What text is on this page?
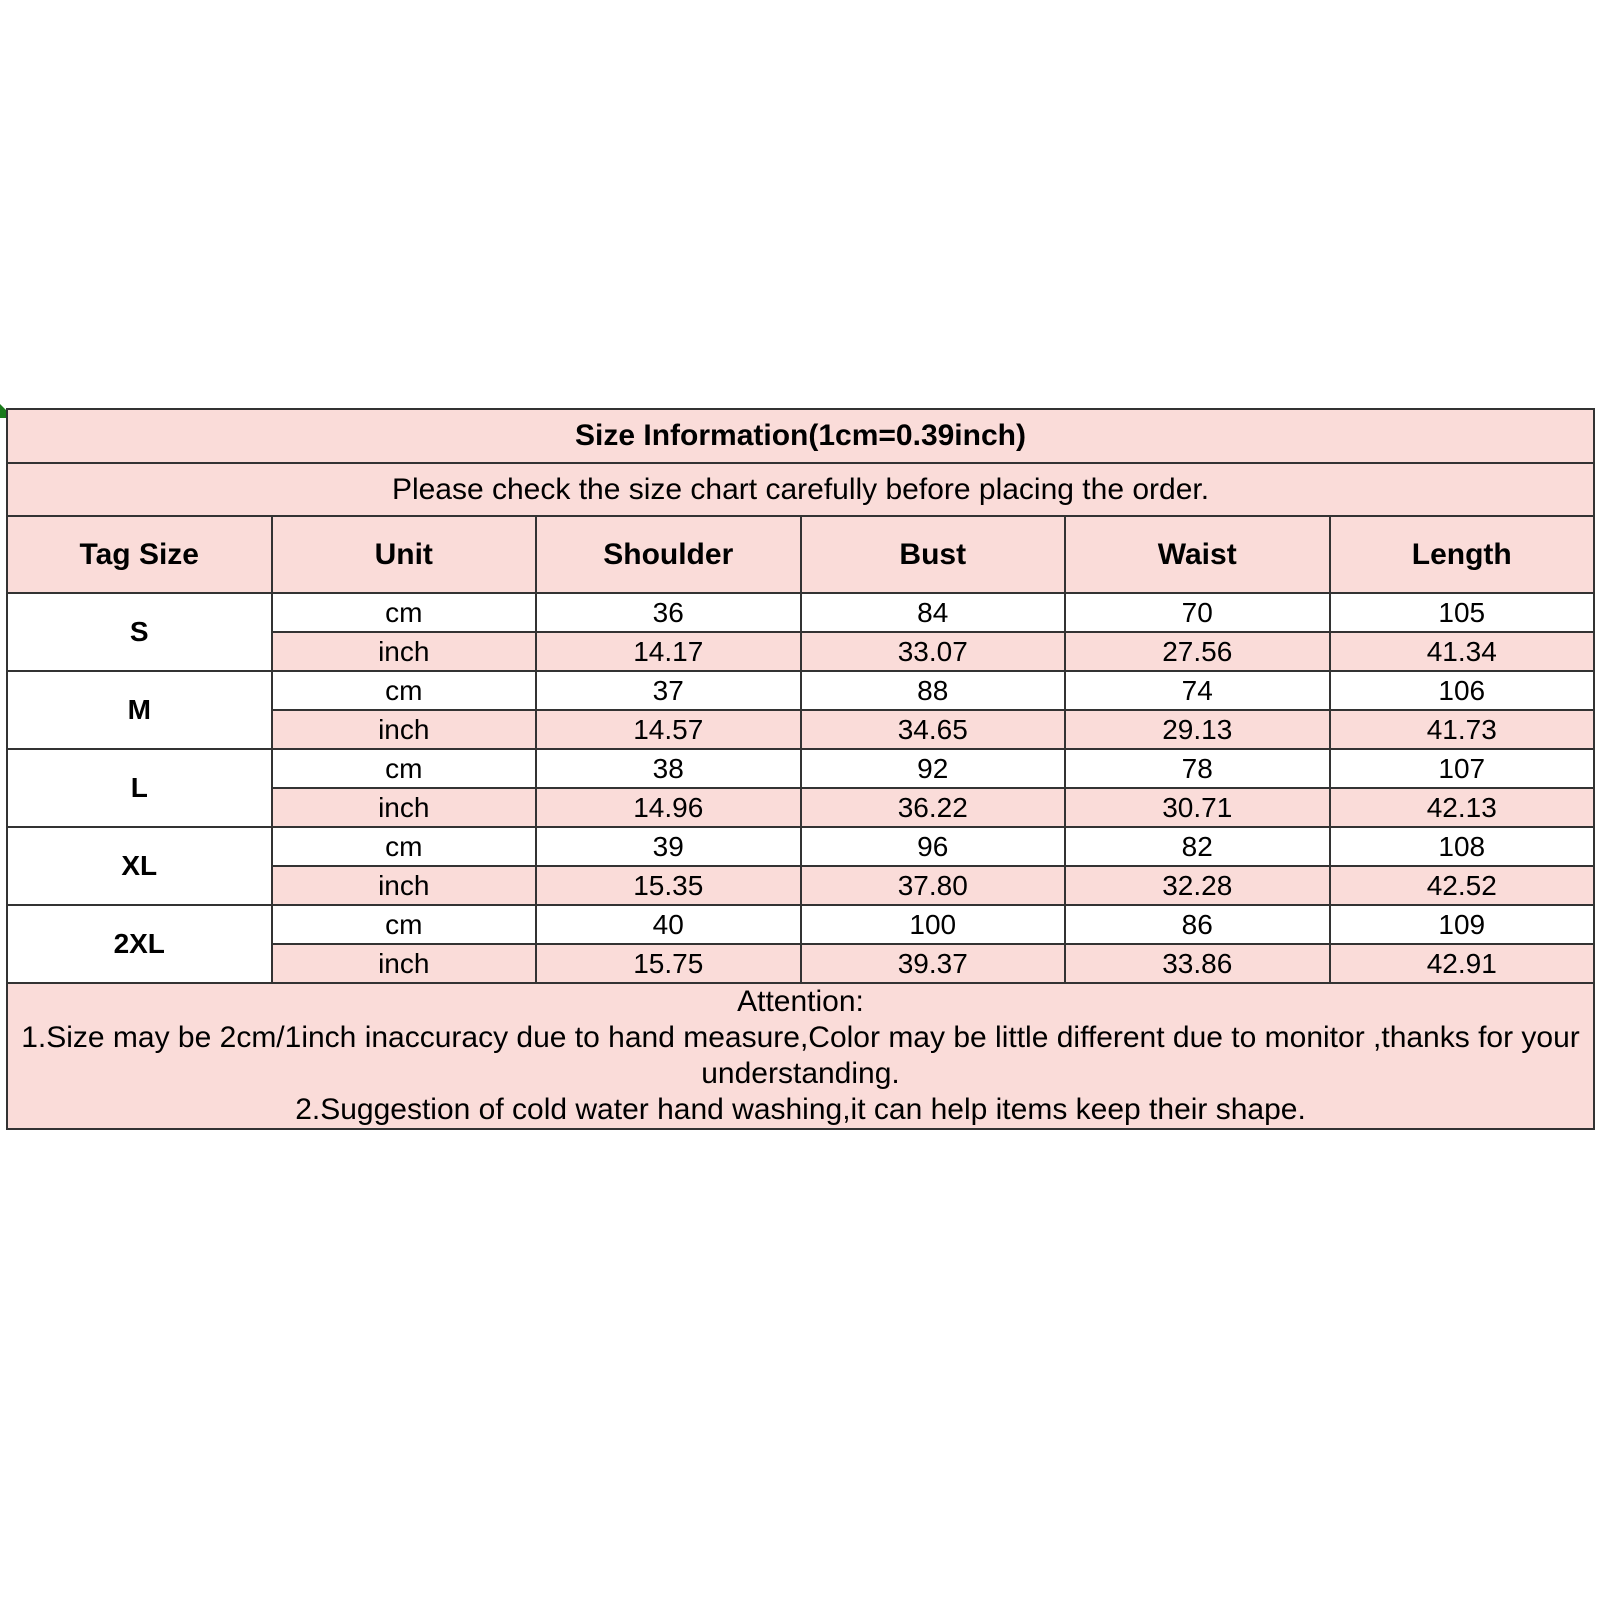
Size Information(1cm=0.39inch)					
Please check the size chart carefully before placing the order.					
Tag Size	Unit	Shoulder	Bust	Waist	Length
S	cm	36	84	70	105
	inch	14.17	33.07	27.56	41.34
M	cm	37	88	74	106
	inch	14.57	34.65	29.13	41.73
L	cm	38	92	78	107
	inch	14.96	36.22	30.71	42.13
XL	cm	39	96	82	108
	inch	15.35	37.80	32.28	42.52
2XL	cm	40	100	86	109
	inch	15.75	39.37	33.86	42.91

Attention:

1.Size may be 2cm/1inch inaccuracy due to hand measure,Color may be little different due to monitor ,thanks for your understanding.

2.Suggestion of cold water hand washing,it can help items keep their shape.					
